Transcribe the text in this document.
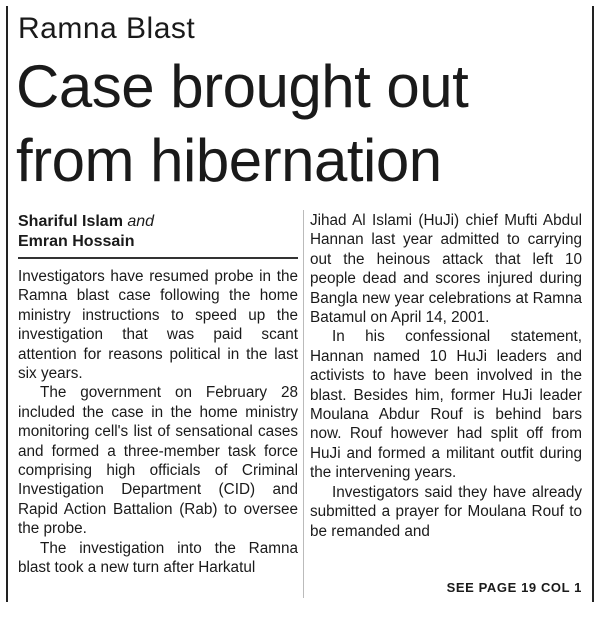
Ramna Blast
Case brought out from hibernation
Shariful Islam and
Emran Hossain

Investigators have resumed probe in the Ramna blast case following the home ministry instructions to speed up the investigation that was paid scant attention for reasons political in the last six years.

The government on February 28 included the case in the home ministry monitoring cell's list of sensational cases and formed a three-member task force comprising high officials of Criminal Investigation Department (CID) and Rapid Action Battalion (Rab) to oversee the probe.

The investigation into the Ramna blast took a new turn after Harkatul

Jihad Al Islami (HuJi) chief Mufti Abdul Hannan last year admitted to carrying out the heinous attack that left 10 people dead and scores injured during Bangla new year celebrations at Ramna Batamul on April 14, 2001.

In his confessional statement, Hannan named 10 HuJi leaders and activists to have been involved in the blast. Besides him, former HuJi leader Moulana Abdur Rouf is behind bars now. Rouf however had split off from HuJi and formed a militant outfit during the intervening years.

Investigators said they have already submitted a prayer for Moulana Rouf to be remanded and

SEE PAGE 19 COL 1
